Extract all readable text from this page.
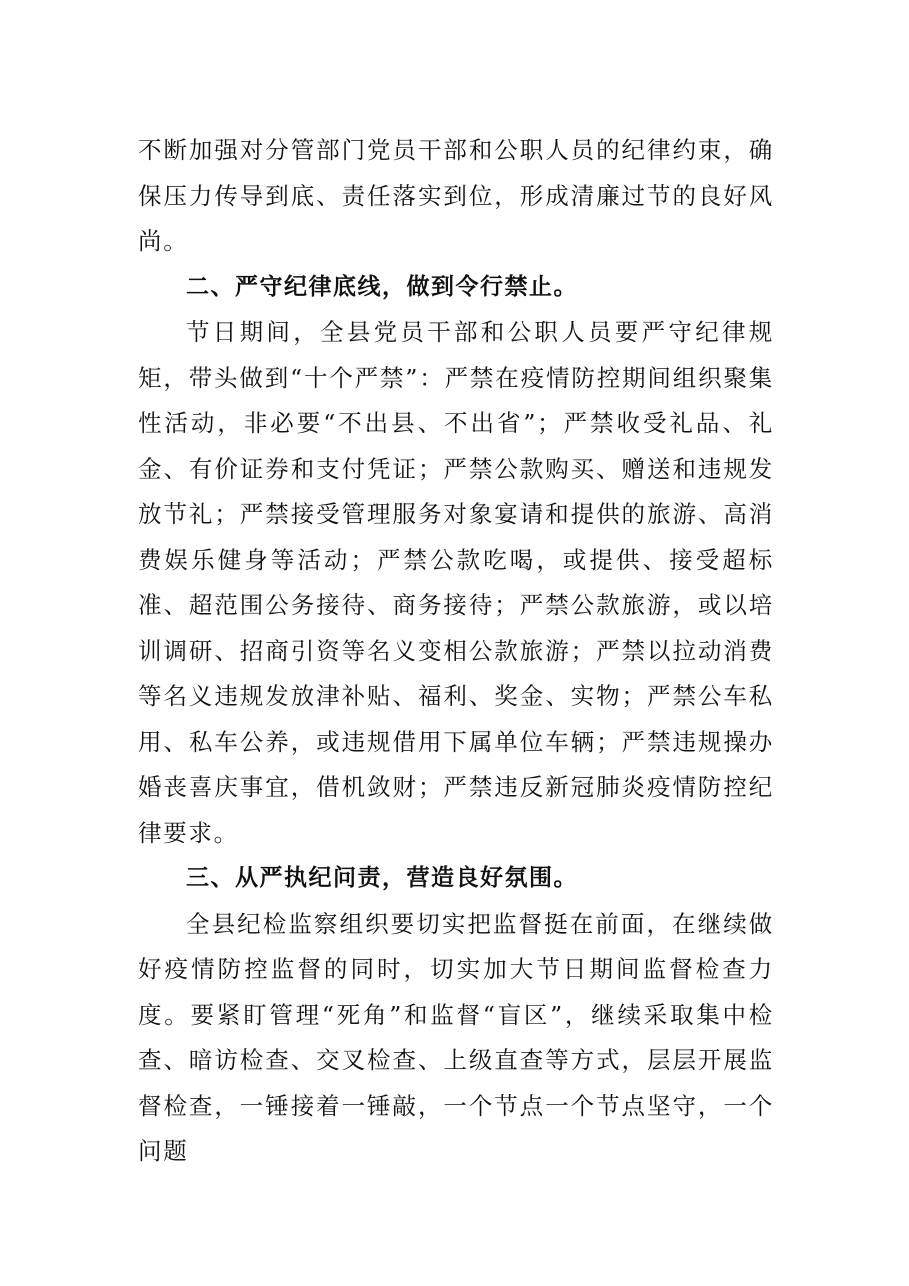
不断加强对分管部门党员干部和公职人员的纪律约束，确保压力传导到底、责任落实到位，形成清廉过节的良好风尚。

二、严守纪律底线，做到令行禁止。

节日期间，全县党员干部和公职人员要严守纪律规矩，带头做到“十个严禁”：严禁在疫情防控期间组织聚集性活动，非必要“不出县、不出省”；严禁收受礼品、礼金、有价证券和支付凭证；严禁公款购买、赠送和违规发放节礼；严禁接受管理服务对象宴请和提供的旅游、高消费娱乐健身等活动；严禁公款吃喝，或提供、接受超标准、超范围公务接待、商务接待；严禁公款旅游，或以培训调研、招商引资等名义变相公款旅游；严禁以拉动消费等名义违规发放津补贴、福利、奖金、实物；严禁公车私用、私车公养，或违规借用下属单位车辆；严禁违规操办婚丧喜庆事宜，借机敛财；严禁违反新冠肺炎疫情防控纪律要求。

三、从严执纪问责，营造良好氛围。

全县纪检监察组织要切实把监督挺在前面，在继续做好疫情防控监督的同时，切实加大节日期间监督检查力度。要紧盯管理“死角”和监督“盲区”，继续采取集中检查、暗访检查、交叉检查、上级直查等方式，层层开展监督检查，一锤接着一锤敲，一个节点一个节点坚守，一个问题
